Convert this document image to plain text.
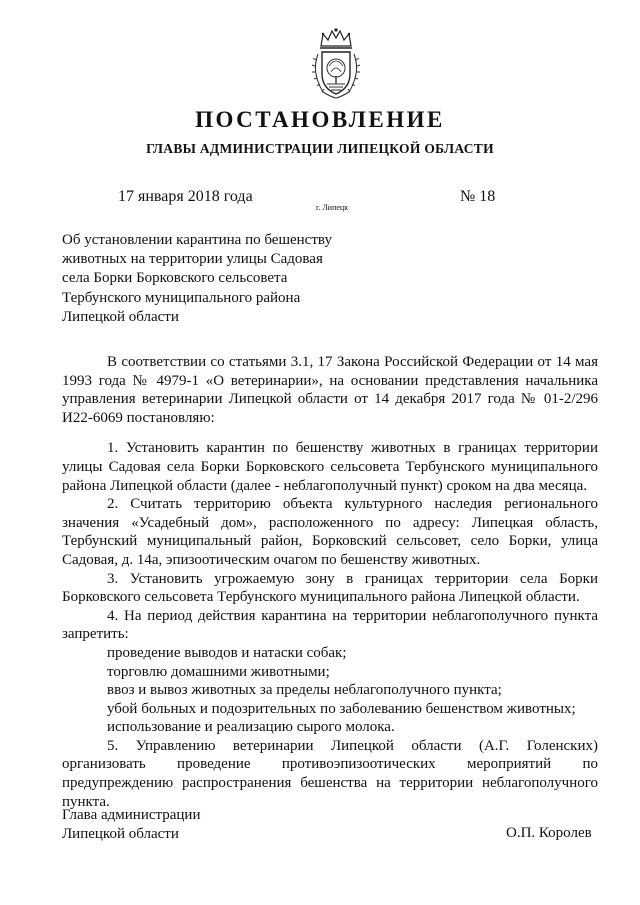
ПОСТАНОВЛЕНИЕ
ГЛАВЫ АДМИНИСТРАЦИИ ЛИПЕЦКОЙ ОБЛАСТИ
17 января 2018 года
г. Липецк
№ 18
Об установлении карантина по бешенству
животных на территории улицы Садовая
села Борки Борковского сельсовета
Тербунского муниципального района
Липецкой области

В соответствии со статьями 3.1, 17 Закона Российской Федерации от 14 мая 1993 года № 4979-1 «О ветеринарии», на основании представления начальника управления ветеринарии Липецкой области от 14 декабря 2017 года № 01-2/296 И22-6069 постановляю:

1. Установить карантин по бешенству животных в границах территории улицы Садовая села Борки Борковского сельсовета Тербунского муниципального района Липецкой области (далее - неблагополучный пункт) сроком на два месяца.

2. Считать территорию объекта культурного наследия регионального значения «Усадебный дом», расположенного по адресу: Липецкая область, Тербунский муниципальный район, Борковский сельсовет, село Борки, улица Садовая, д. 14а, эпизоотическим очагом по бешенству животных.

3. Установить угрожаемую зону в границах территории села Борки Борковского сельсовета Тербунского муниципального района Липецкой области.

4. На период действия карантина на территории неблагополучного пункта запретить:

проведение выводов и натаски собак;

торговлю домашними животными;

ввоз и вывоз животных за пределы неблагополучного пункта;

убой больных и подозрительных по заболеванию бешенством животных;

использование и реализацию сырого молока.

5. Управлению ветеринарии Липецкой области (А.Г. Голенских) организовать проведение противоэпизоотических мероприятий по предупреждению распространения бешенства на территории неблагополучного пункта.

Глава администрации
Липецкой области	О.П. Королев
